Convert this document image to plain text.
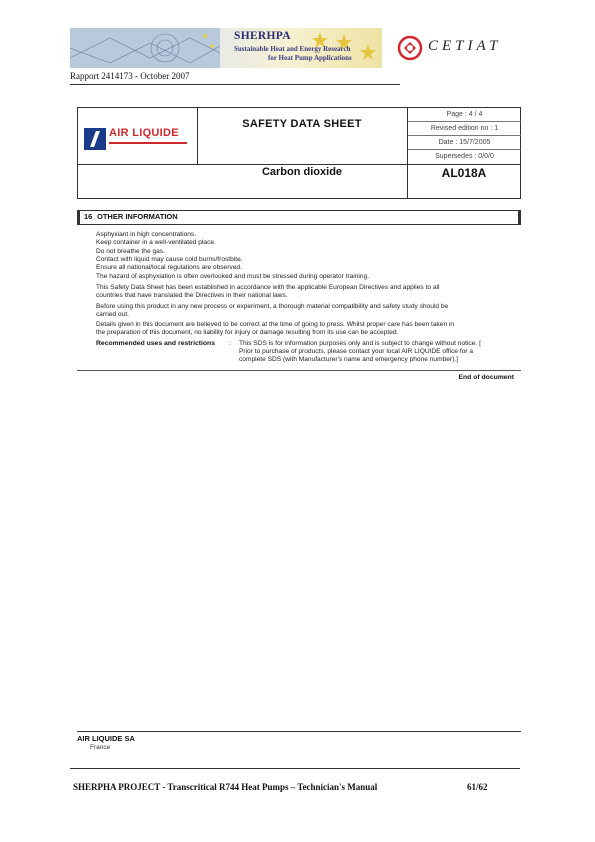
SHERHPA
Sustainable Heat and Energy Research
for Heat Pump Applications
CETIAT
Rapport 2414173 - October 2007
AIR LIQUIDE
SAFETY DATA SHEET
Page : 4 / 4
Revised edition no : 1
Date : 15/7/2005
Supersedes : 0/0/0
Carbon dioxide	AL018A
16 OTHER INFORMATION
Asphyxiant in high concentrations.
Keep container in a well-ventilated place.
Do not breathe the gas.
Contact with liquid may cause cold burns/frostbite.
Ensure all national/local regulations are observed.
The hazard of asphyxiation is often overlooked and must be stressed during operator training.
This Safety Data Sheet has been established in accordance with the applicable European Directives and applies to all
countries that have translated the Directives in their national laws.
Before using this product in any new process or experiment, a thorough material compatibility and safety study should be
carried out.
Details given in this document are believed to be correct at the time of going to press. Whilst proper care has been taken in
the preparation of this document, no liability for injury or damage resulting from its use can be accepted.
Recommended uses and restrictions : This SDS is for information purposes only and is subject to change without notice. [
Prior to purchase of products, please contact your local AIR LIQUIDE office for a
complete SDS (with Manufacturer's name and emergency phone number).]
End of document
AIR LIQUIDE SA
France
SHERPHA PROJECT - Transcritical R744 Heat Pumps – Technician's Manual	61/62
